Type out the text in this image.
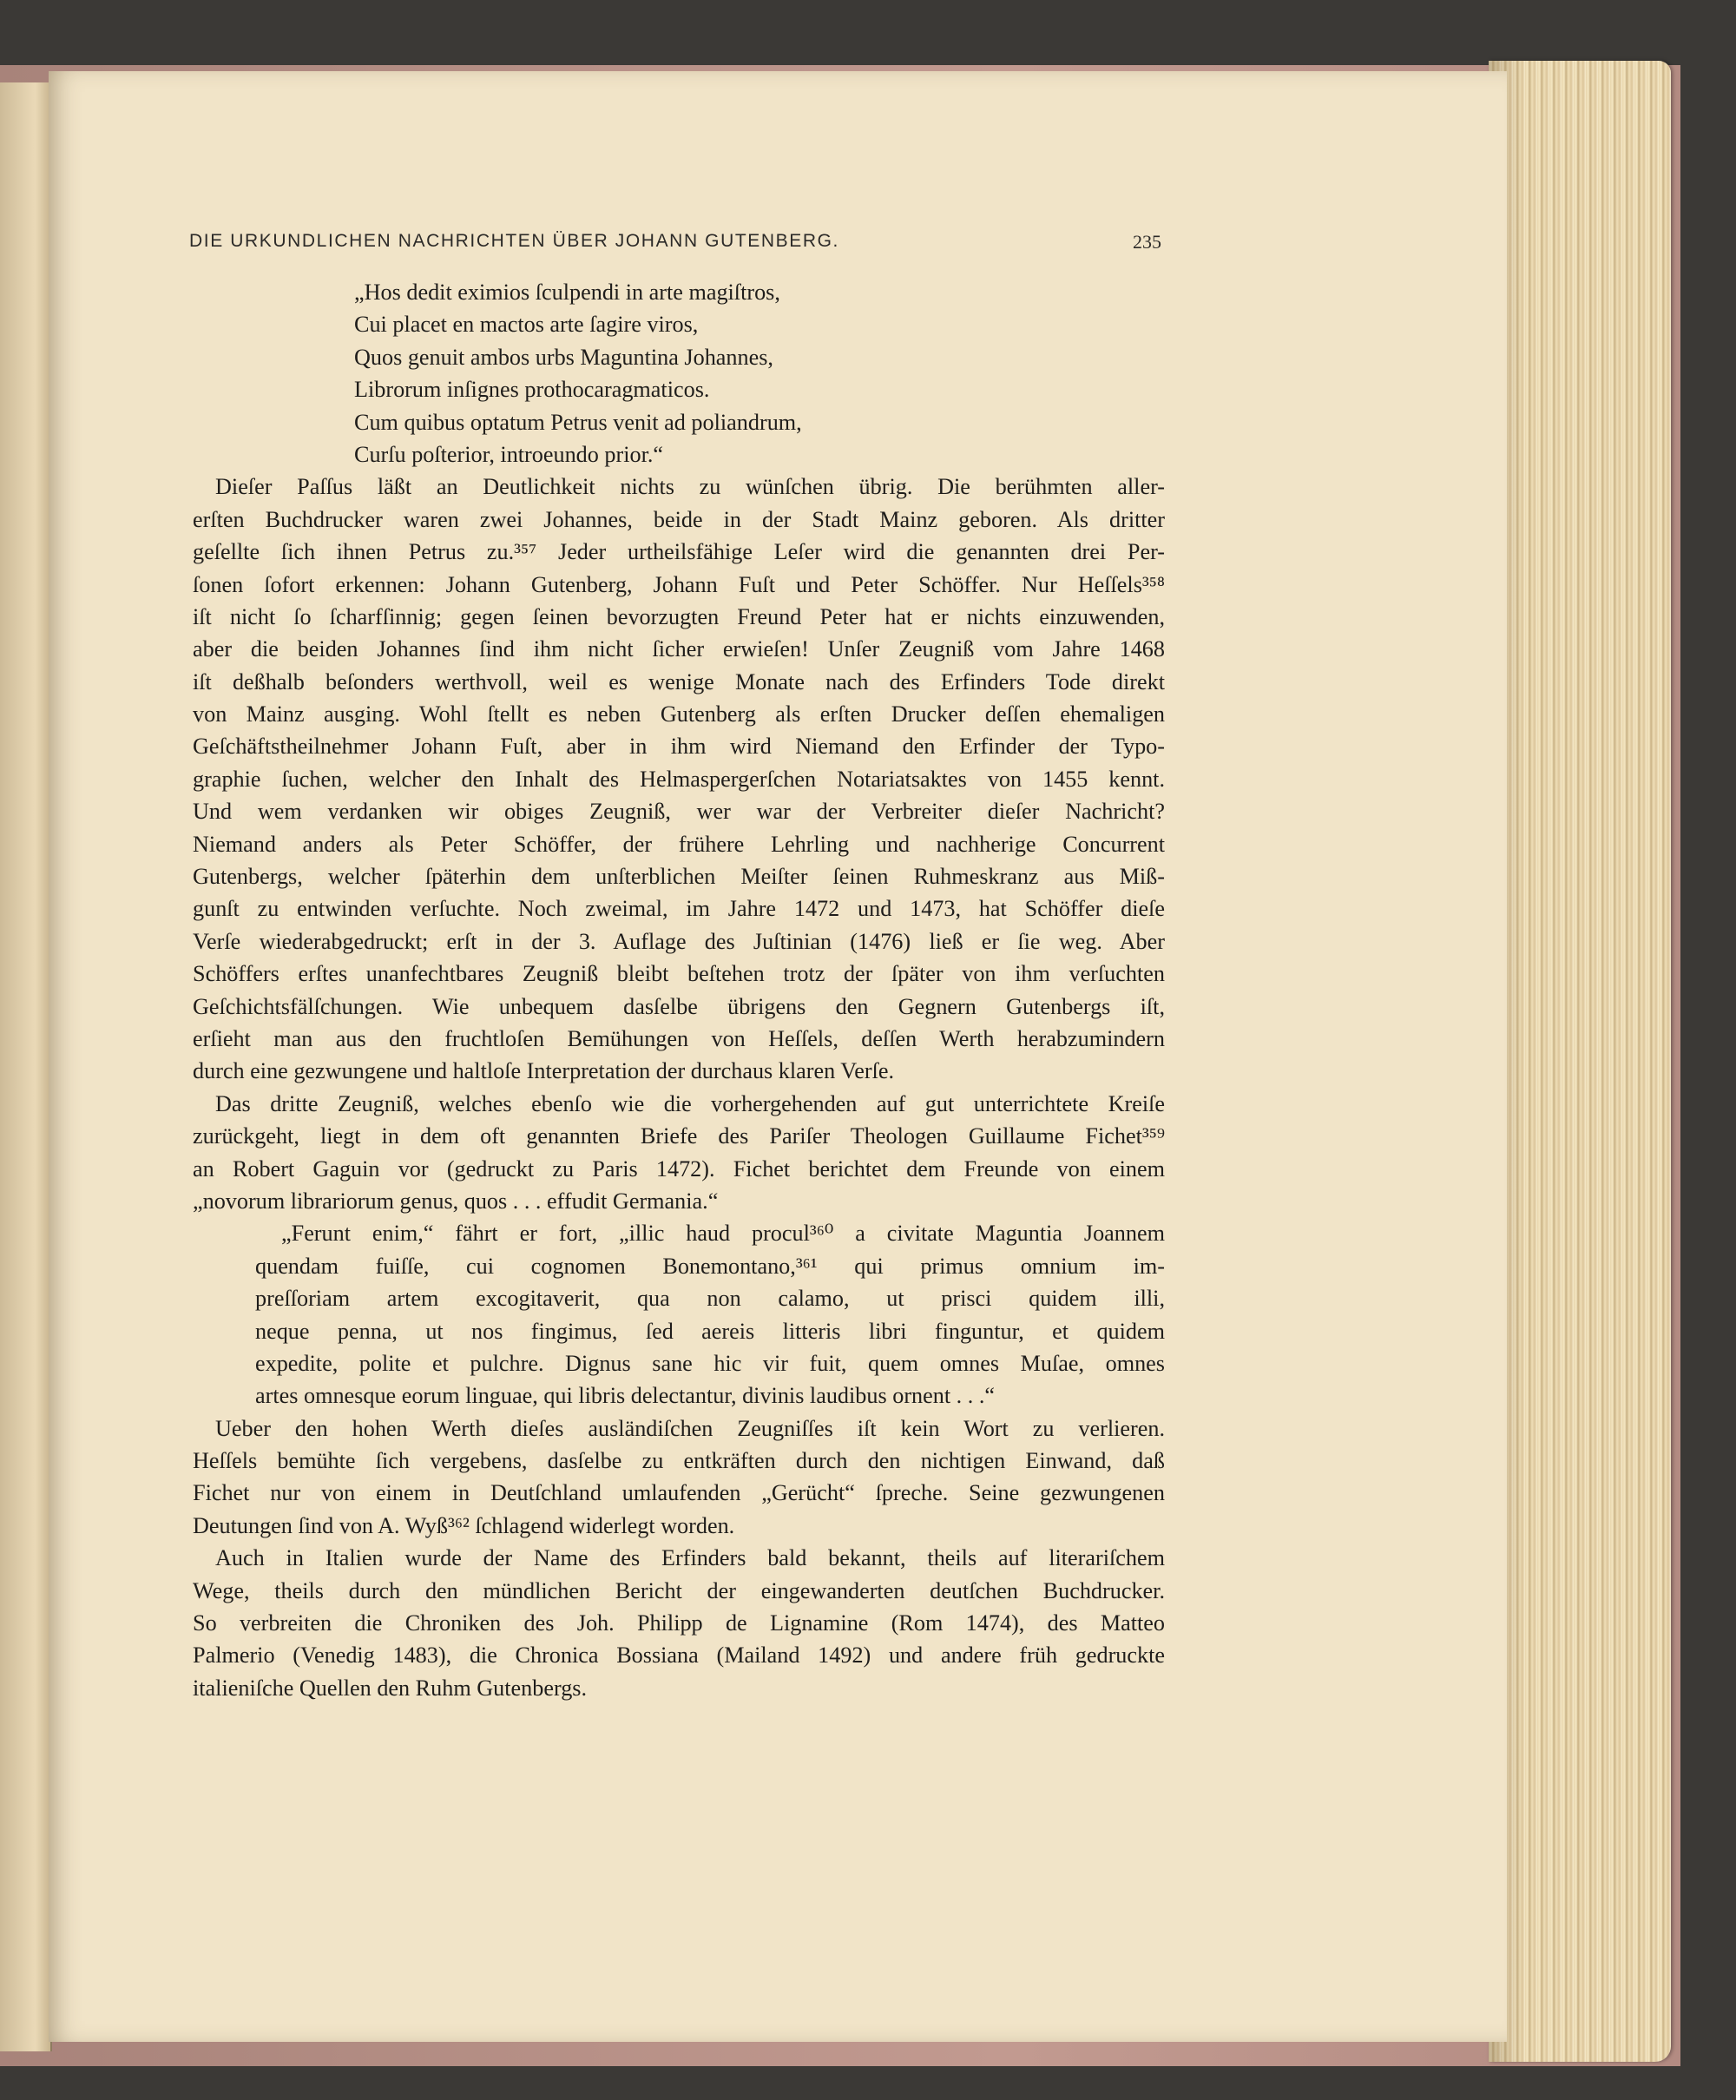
DIE URKUNDLICHEN NACHRICHTEN ÜBER JOHANN GUTENBERG.	235
„Hos dedit eximios ſculpendi in arte magiſtros,
Cui placet en mactos arte ſagire viros,
Quos genuit ambos urbs Maguntina Johannes,
Librorum inſignes prothocaragmaticos.
Cum quibus optatum Petrus venit ad poliandrum,
Curſu poſterior, introeundo prior.“
Dieſer Paſſus läßt an Deutlichkeit nichts zu wünſchen übrig. Die berühmten aller-
erſten Buchdrucker waren zwei Johannes, beide in der Stadt Mainz geboren. Als dritter
geſellte ſich ihnen Petrus zu.³⁵⁷ Jeder urtheilsfähige Leſer wird die genannten drei Per-
ſonen ſofort erkennen: Johann Gutenberg, Johann Fuſt und Peter Schöffer. Nur Heſſels³⁵⁸
iſt nicht ſo ſcharfſinnig; gegen ſeinen bevorzugten Freund Peter hat er nichts einzuwenden,
aber die beiden Johannes ſind ihm nicht ſicher erwieſen! Unſer Zeugniß vom Jahre 1468
iſt deßhalb beſonders werthvoll, weil es wenige Monate nach des Erfinders Tode direkt
von Mainz ausging. Wohl ſtellt es neben Gutenberg als erſten Drucker deſſen ehemaligen
Geſchäftstheilnehmer Johann Fuſt, aber in ihm wird Niemand den Erfinder der Typo-
graphie ſuchen, welcher den Inhalt des Helmaspergerſchen Notariatsaktes von 1455 kennt.
Und wem verdanken wir obiges Zeugniß, wer war der Verbreiter dieſer Nachricht?
Niemand anders als Peter Schöffer, der frühere Lehrling und nachherige Concurrent
Gutenbergs, welcher ſpäterhin dem unſterblichen Meiſter ſeinen Ruhmeskranz aus Miß-
gunſt zu entwinden verſuchte. Noch zweimal, im Jahre 1472 und 1473, hat Schöffer dieſe
Verſe wiederabgedruckt; erſt in der 3. Auflage des Juſtinian (1476) ließ er ſie weg. Aber
Schöffers erſtes unanfechtbares Zeugniß bleibt beſtehen trotz der ſpäter von ihm verſuchten
Geſchichtsfälſchungen. Wie unbequem dasſelbe übrigens den Gegnern Gutenbergs iſt,
erſieht man aus den fruchtloſen Bemühungen von Heſſels, deſſen Werth herabzumindern
durch eine gezwungene und haltloſe Interpretation der durchaus klaren Verſe.
Das dritte Zeugniß, welches ebenſo wie die vorhergehenden auf gut unterrichtete Kreiſe
zurückgeht, liegt in dem oft genannten Briefe des Pariſer Theologen Guillaume Fichet³⁵⁹
an Robert Gaguin vor (gedruckt zu Paris 1472). Fichet berichtet dem Freunde von einem
„novorum librariorum genus, quos . . . effudit Germania.“
„Ferunt enim,“ fährt er fort, „illic haud procul³⁶⁰ a civitate Maguntia Joannem
quendam fuiſſe, cui cognomen Bonemontano,³⁶¹ qui primus omnium im-
preſſoriam artem excogitaverit, qua non calamo, ut prisci quidem illi,
neque penna, ut nos fingimus, ſed aereis litteris libri finguntur, et quidem
expedite, polite et pulchre. Dignus sane hic vir fuit, quem omnes Muſae, omnes
artes omnesque eorum linguae, qui libris delectantur, divinis laudibus ornent . . .“
Ueber den hohen Werth dieſes ausländiſchen Zeugniſſes iſt kein Wort zu verlieren.
Heſſels bemühte ſich vergebens, dasſelbe zu entkräften durch den nichtigen Einwand, daß
Fichet nur von einem in Deutſchland umlaufenden „Gerücht“ ſpreche. Seine gezwungenen
Deutungen ſind von A. Wyß³⁶² ſchlagend widerlegt worden.
Auch in Italien wurde der Name des Erfinders bald bekannt, theils auf literariſchem
Wege, theils durch den mündlichen Bericht der eingewanderten deutſchen Buchdrucker.
So verbreiten die Chroniken des Joh. Philipp de Lignamine (Rom 1474), des Matteo
Palmerio (Venedig 1483), die Chronica Bossiana (Mailand 1492) und andere früh gedruckte
italieniſche Quellen den Ruhm Gutenbergs.
